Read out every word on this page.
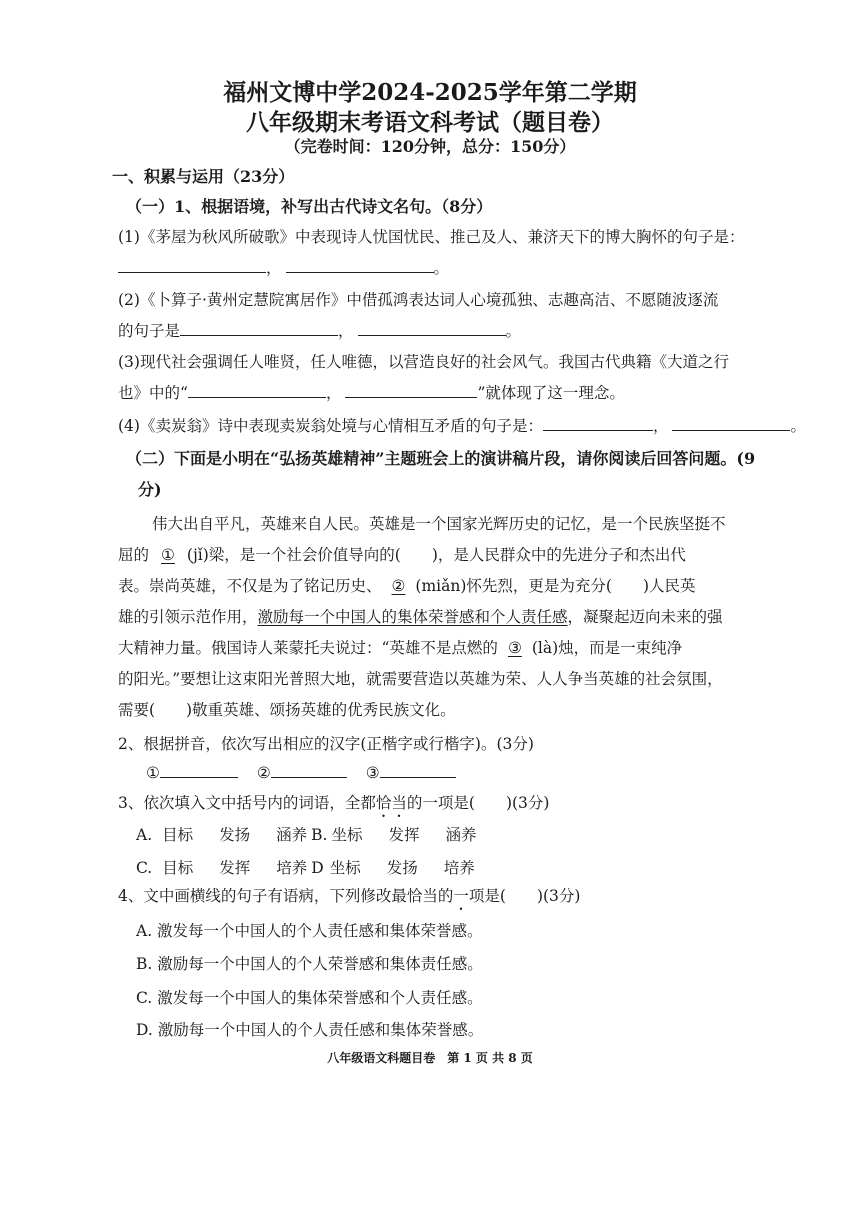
福州文博中学2024-2025学年第二学期
八年级期末考语文科考试（题目卷）
（完卷时间：120分钟，总分：150分）
一、积累与运用（23分）
（一）1、根据语境，补写出古代诗文名句。（8分）
(1)《茅屋为秋风所破歌》中表现诗人忧国忧民、推己及人、兼济天下的博大胸怀的句子是：
，	。
(2)《卜算子·黄州定慧院寓居作》中借孤鸿表达词人心境孤独、志趣高洁、不愿随波逐流
的句子是	，	。
(3)现代社会强调任人唯贤，任人唯德，以营造良好的社会风气。我国古代典籍《大道之行
也》中的“	，	”就体现了这一理念。
(4)《卖炭翁》诗中表现卖炭翁处境与心情相互矛盾的句子是：	，	。
（二）下面是小明在“弘扬英雄精神”主题班会上的演讲稿片段，请你阅读后回答问题。(9
分)
伟大出自平凡，英雄来自人民。英雄是一个国家光辉历史的记忆，是一个民族坚挺不
屈的 ① (jǐ)梁，是一个社会价值导向的(　　)，是人民群众中的先进分子和杰出代
表。崇尚英雄，不仅是为了铭记历史、 ② (miǎn)怀先烈，更是为充分(　　)人民英
雄的引领示范作用，激励每一个中国人的集体荣誉感和个人责任感，凝聚起迈向未来的强
大精神力量。俄国诗人莱蒙托夫说过：“英雄不是点燃的 ③ (là)烛，而是一束纯净
的阳光。”要想让这束阳光普照大地，就需要营造以英雄为荣、人人争当英雄的社会氛围，
需要(　　)敬重英雄、颂扬英雄的优秀民族文化。
2、根据拼音，依次写出相应的汉字(正楷字或行楷字)。(3分)
①	②	③
3、依次填入文中括号内的词语，全都恰当的一项是(　　)(3分)
A. 目标 发扬 涵养 B. 坐标 发挥 涵养
C. 目标 发挥 培养 D 坐标 发扬 培养
4、文中画横线的句子有语病，下列修改最恰当的一项是(　　)(3分)
A. 激发每一个中国人的个人责任感和集体荣誉感。
B. 激励每一个中国人的个人荣誉感和集体责任感。
C. 激发每一个中国人的集体荣誉感和个人责任感。
D. 激励每一个中国人的个人责任感和集体荣誉感。
八年级语文科题目卷　第 1 页 共 8 页
